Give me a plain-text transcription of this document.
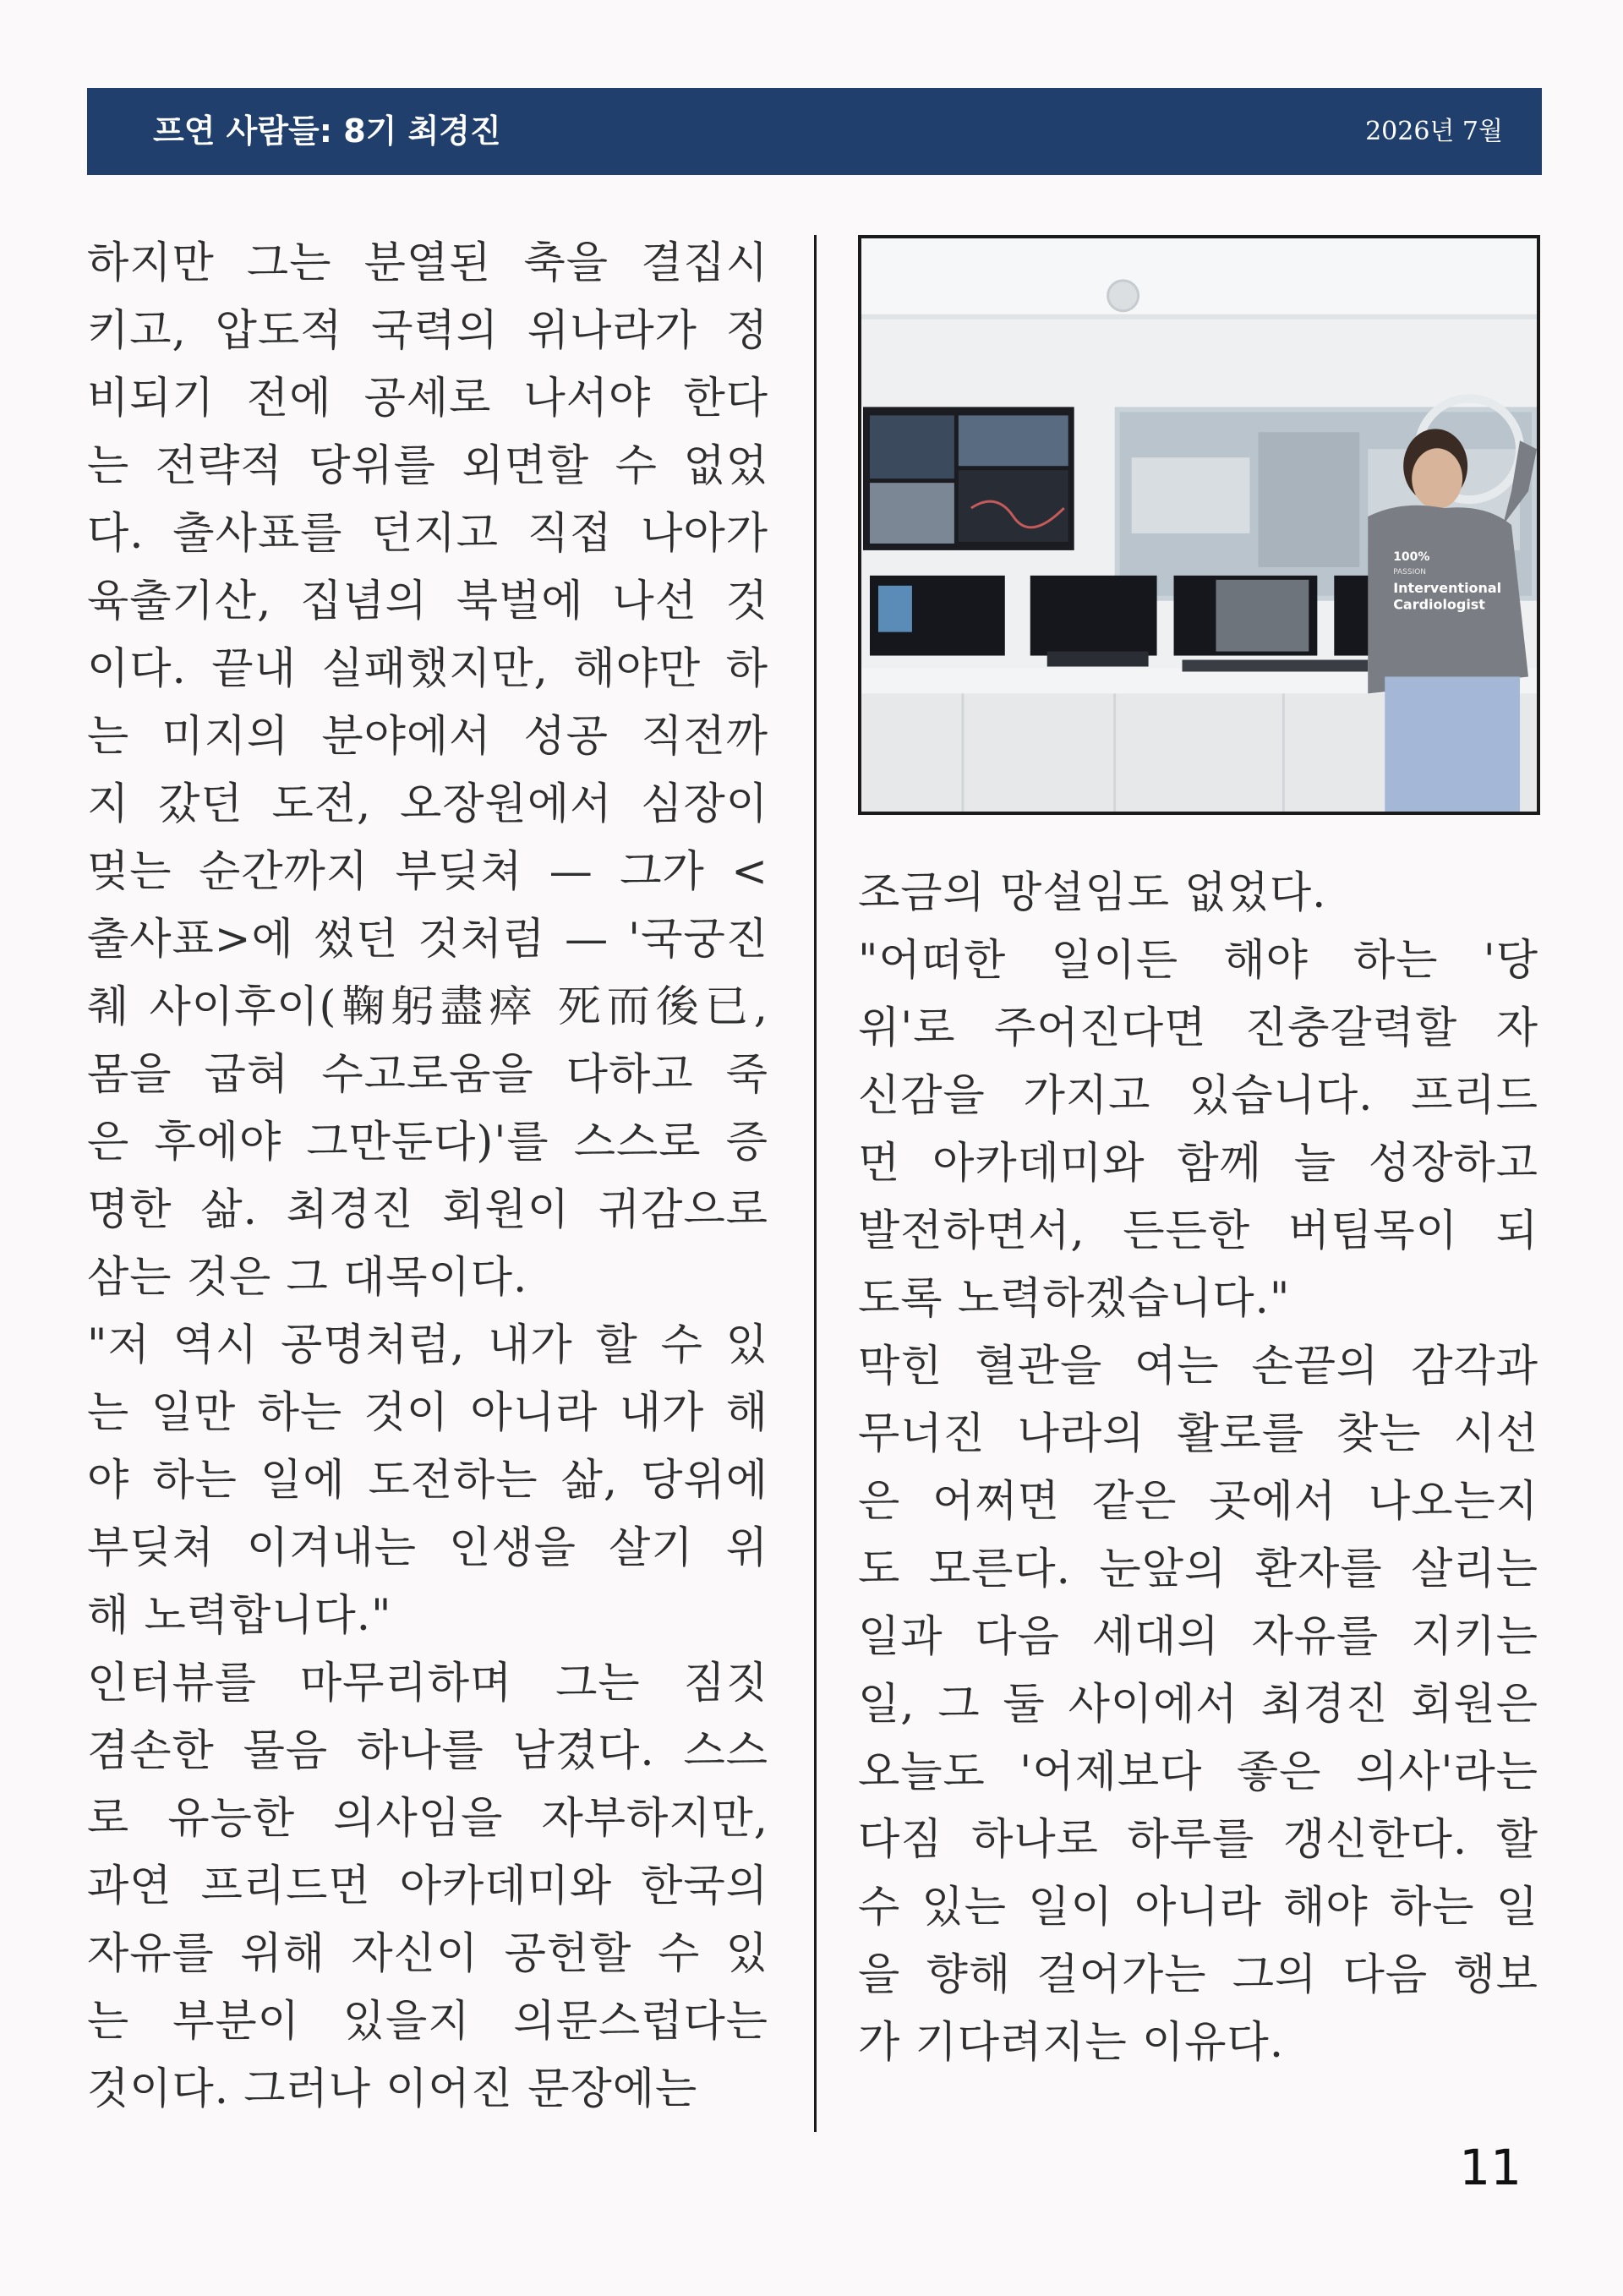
프연 사람들: 8기 최경진	2026년 7월
하지만 그는 분열된 축을 결집시
키고, 압도적 국력의 위나라가 정
비되기 전에 공세로 나서야 한다
는 전략적 당위를 외면할 수 없었
다. 출사표를 던지고 직접 나아가
육출기산, 집념의 북벌에 나선 것
이다. 끝내 실패했지만, 해야만 하
는 미지의 분야에서 성공 직전까
지 갔던 도전, 오장원에서 심장이
멎는 순간까지 부딪쳐 — 그가 <
출사표>에 썼던 것처럼 — '국궁진
췌 사이후이(鞠躬盡瘁 死而後已,
몸을 굽혀 수고로움을 다하고 죽
은 후에야 그만둔다)'를 스스로 증
명한 삶. 최경진 회원이 귀감으로
삼는 것은 그 대목이다.
"저 역시 공명처럼, 내가 할 수 있
는 일만 하는 것이 아니라 내가 해
야 하는 일에 도전하는 삶, 당위에
부딪쳐 이겨내는 인생을 살기 위
해 노력합니다."
인터뷰를 마무리하며 그는 짐짓
겸손한 물음 하나를 남겼다. 스스
로 유능한 의사임을 자부하지만,
과연 프리드먼 아카데미와 한국의
자유를 위해 자신이 공헌할 수 있
는 부분이 있을지 의문스럽다는
것이다. 그러나 이어진 문장에는
100%
PASSION
Interventional
Cardiologist
조금의 망설임도 없었다.
"어떠한 일이든 해야 하는 '당
위'로 주어진다면 진충갈력할 자
신감을 가지고 있습니다. 프리드
먼 아카데미와 함께 늘 성장하고
발전하면서, 든든한 버팀목이 되
도록 노력하겠습니다."
막힌 혈관을 여는 손끝의 감각과
무너진 나라의 활로를 찾는 시선
은 어쩌면 같은 곳에서 나오는지
도 모른다. 눈앞의 환자를 살리는
일과 다음 세대의 자유를 지키는
일, 그 둘 사이에서 최경진 회원은
오늘도 '어제보다 좋은 의사'라는
다짐 하나로 하루를 갱신한다. 할
수 있는 일이 아니라 해야 하는 일
을 향해 걸어가는 그의 다음 행보
가 기다려지는 이유다.
11
